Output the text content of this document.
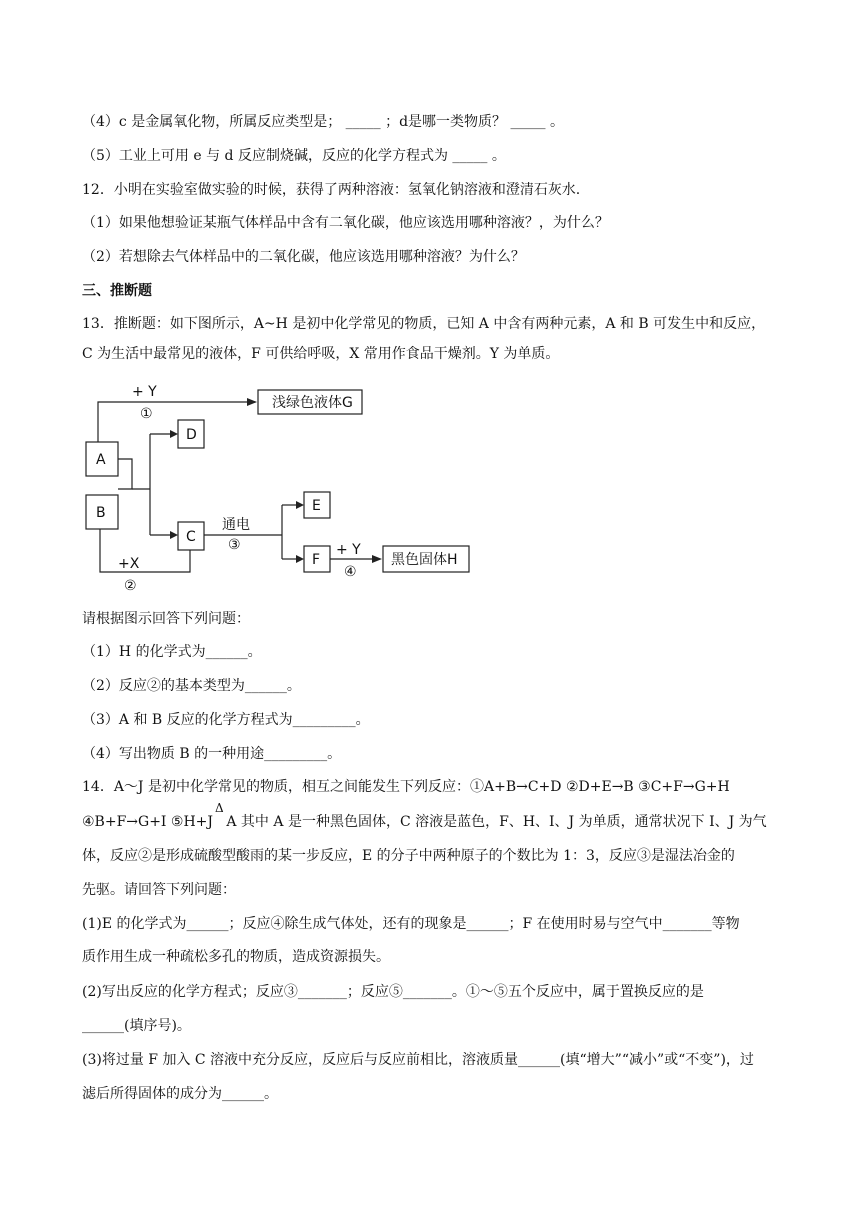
（4）c 是金属氧化物，所属反应类型是； _____ ；d是哪一类物质？ _____ 。
（5）工业上可用 e 与 d 反应制烧碱，反应的化学方程式为 _____ 。
12．小明在实验室做实验的时候，获得了两种溶液：氢氧化钠溶液和澄清石灰水.
（1）如果他想验证某瓶气体样品中含有二氧化碳，他应该选用哪种溶液？，为什么？
（2）若想除去气体样品中的二氧化碳，他应该选用哪种溶液？为什么？
三、推断题
13．推断题：如下图所示，A~H 是初中化学常见的物质，已知 A 中含有两种元素，A 和 B 可发生中和反应，
C 为生活中最常见的液体，F 可供给呼吸，X 常用作食品干燥剂。Y 为单质。
浅绿色液体G
D
A
B
C
E
F	黑色固体H
+ Y
①
+X
②
通电
③	+ Y
④
请根据图示回答下列问题：
（1）H 的化学式为______。
（2）反应②的基本类型为______。
（3）A 和 B 反应的化学方程式为_________。
（4）写出物质 B 的一种用途_________。
14．A～J 是初中化学常见的物质，相互之间能发生下列反应：①A+B→C+D ②D+E→B ③C+F→G+H
④B+F→G+I ⑤H+J
Δ
A 其中 A 是一种黑色固体，C 溶液是蓝色，F、H、I、J 为单质，通常状况下 I、J 为气
体，反应②是形成硫酸型酸雨的某一步反应，E 的分子中两种原子的个数比为 1：3，反应③是湿法冶金的
先驱。请回答下列问题：
(1)E 的化学式为______；反应④除生成气体处，还有的现象是______；F 在使用时易与空气中_______等物
质作用生成一种疏松多孔的物质，造成资源损失。
(2)写出反应的化学方程式；反应③_______；反应⑤_______。①～⑤五个反应中，属于置换反应的是
______(填序号)。
(3)将过量 F 加入 C 溶液中充分反应，反应后与反应前相比，溶液质量______(填“增大”“减小”或“不变”)，过
滤后所得固体的成分为______。
